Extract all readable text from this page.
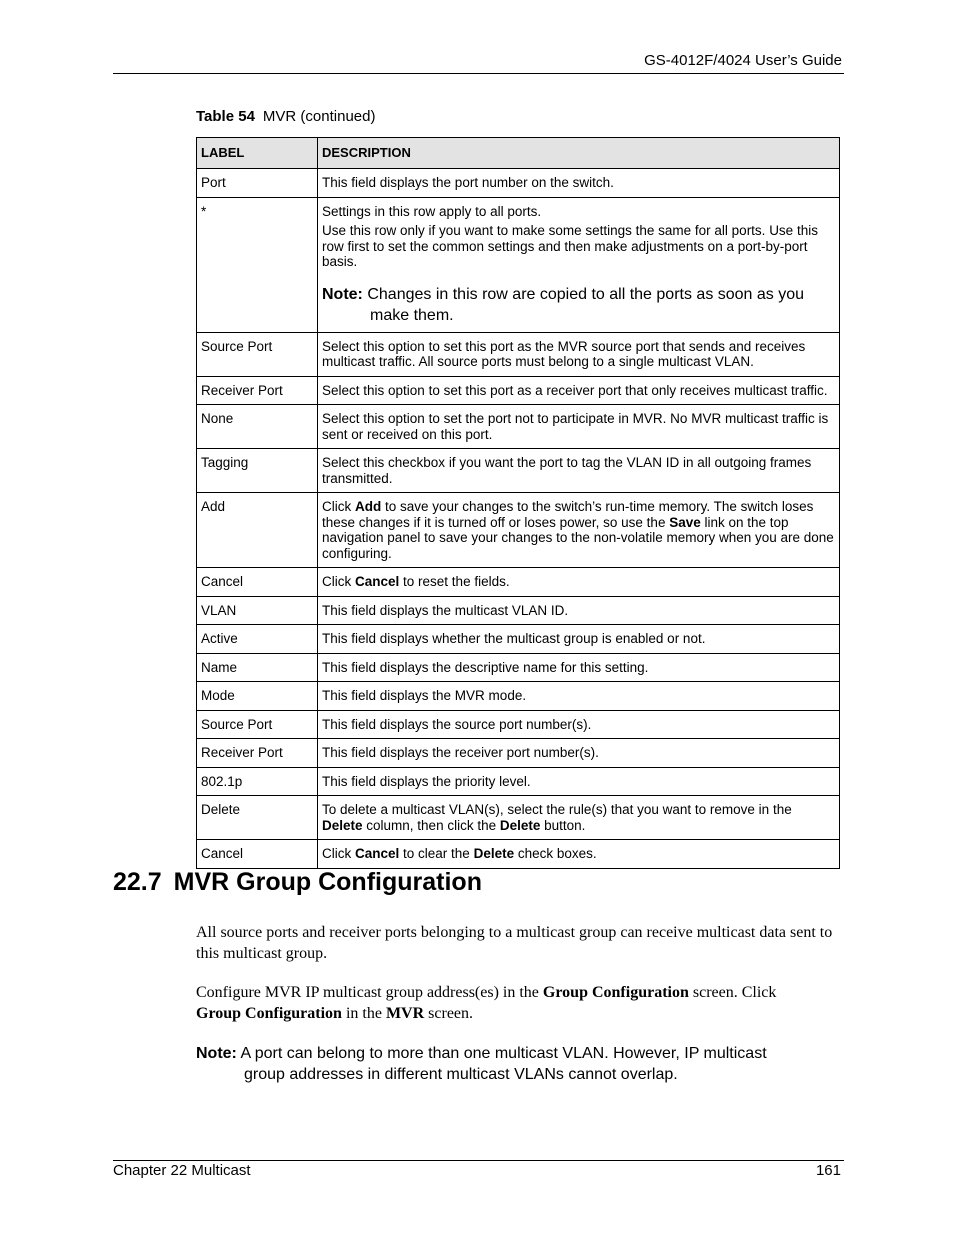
GS-4012F/4024 User’s Guide
Table 54 MVR (continued)
LABEL	DESCRIPTION
Port	This field displays the port number on the switch.
*	Settings in this row apply to all ports.

Use this row only if you want to make some settings the same for all ports. Use this row first to set the common settings and then make adjustments on a port-by-port basis.

Note: Changes in this row are copied to all the ports as soon as you
make them.

Source Port	Select this option to set this port as the MVR source port that sends and receives multicast traffic. All source ports must belong to a single multicast VLAN.
Receiver Port	Select this option to set this port as a receiver port that only receives multicast traffic.
None	Select this option to set the port not to participate in MVR. No MVR multicast traffic is sent or received on this port.
Tagging	Select this checkbox if you want the port to tag the VLAN ID in all outgoing frames transmitted.
Add	Click Add to save your changes to the switch’s run-time memory. The switch loses these changes if it is turned off or loses power, so use the Save link on the top navigation panel to save your changes to the non-volatile memory when you are done configuring.
Cancel	Click Cancel to reset the fields.
VLAN	This field displays the multicast VLAN ID.
Active	This field displays whether the multicast group is enabled or not.
Name	This field displays the descriptive name for this setting.
Mode	This field displays the MVR mode.
Source Port	This field displays the source port number(s).
Receiver Port	This field displays the receiver port number(s).
802.1p	This field displays the priority level.
Delete	To delete a multicast VLAN(s), select the rule(s) that you want to remove in the Delete column, then click the Delete button.
Cancel	Click Cancel to clear the Delete check boxes.
22.7 MVR Group Configuration
All source ports and receiver ports belonging to a multicast group can receive multicast data sent to this multicast group.
Configure MVR IP multicast group address(es) in the Group Configuration screen. Click
Group Configuration in the MVR screen.
Note: A port can belong to more than one multicast VLAN. However, IP multicast
group addresses in different multicast VLANs cannot overlap.
Chapter 22 Multicast	161
